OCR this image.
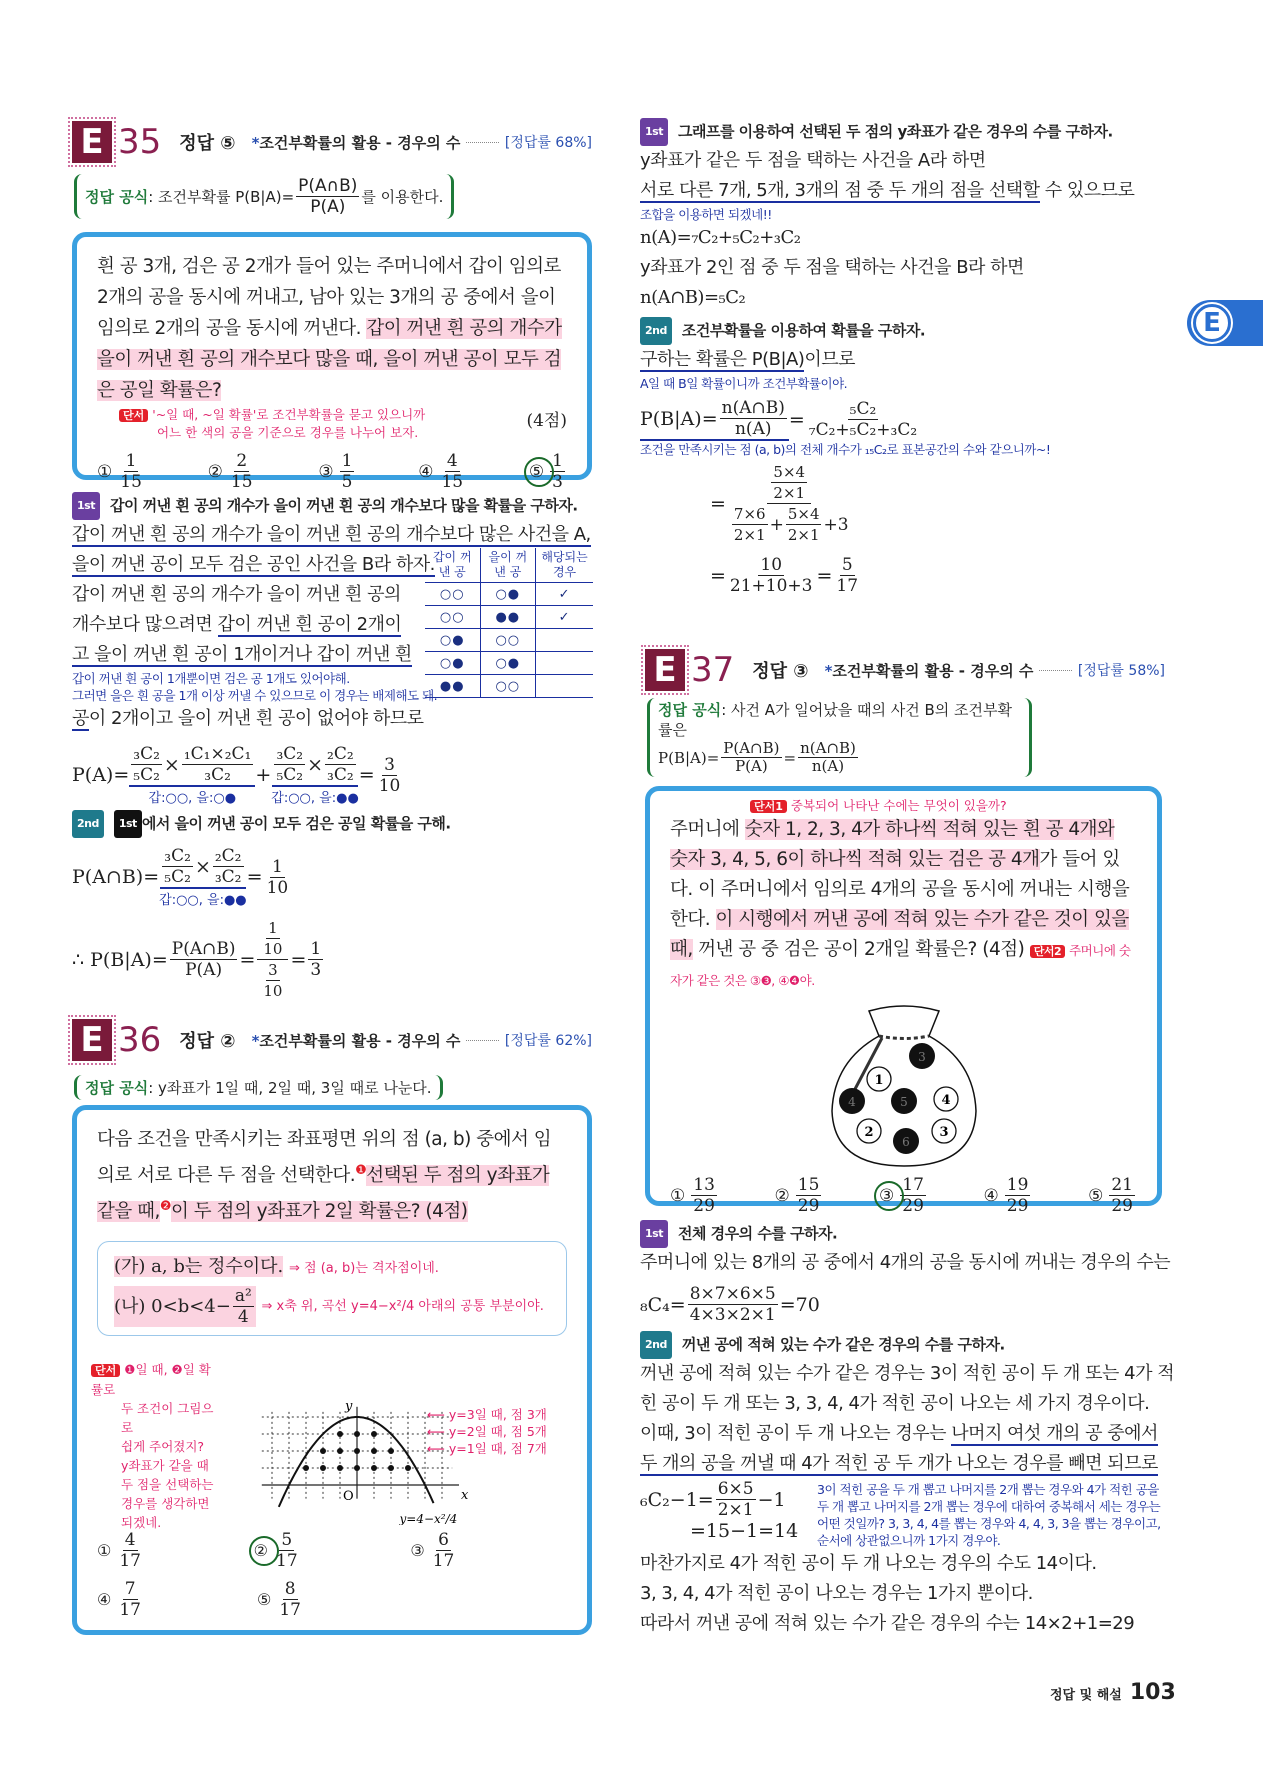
E
E 35 정답 ⑤ *조건부확률의 활용 - 경우의 수	[정답률 68%]
정답 공식 : 조건부확률 $P(B|A)= \frac{P(A\cap B)}{P(A)}$ 를 이용한다.
흰 공 3개, 검은 공 2개가 들어 있는 주머니에서 갑이 임의로 2개의 공을 동시에 꺼내고, 남아 있는 3개의 공 중에서 을이 임의로 2개의 공을 동시에 꺼낸다. 갑이 꺼낸 흰 공의 개수가 을이 꺼낸 흰 공의 개수보다 많을 때, 을이 꺼낸 공이 모두 검은 공일 확률은?
단서 '~일 때, ~일 확률'로 조건부확률을 묻고 있으니까
어느 한 색의 공을 기준으로 경우를 나누어 보자.
(4점)
① $\frac{1}{15}$	② $\frac{2}{15}$	③ $\frac{1}{5}$	④ $\frac{4}{15}$	⑤ $\frac{1}{3}$
1st 갑이 꺼낸 흰 공의 개수가 을이 꺼낸 흰 공의 개수보다 많을 확률을 구하자.
갑이 꺼낸 흰 공의 개수가 을이 꺼낸 흰 공의 개수보다 많은 사건을 A,
을이 꺼낸 공이 모두 검은 공인 사건을 B라 하자.
갑이 꺼낸 흰 공의 개수가 을이 꺼낸 흰 공의
개수보다 많으려면 갑이 꺼낸 흰 공이 2개이
고 을이 꺼낸 흰 공이 1개이거나 갑이 꺼낸 흰
갑이 꺼낸 흰 공이 1개뿐이면 검은 공 1개도 있어야해.
그러면 을은 흰 공을 1개 이상 꺼낼 수 있으므로 이 경우는 배제해도 돼.
공이 2개이고 을이 꺼낸 흰 공이 없어야 하므로
$P(A)= \frac{\text{₃C₂}}{\text{₅C₂}} \times \frac{\text{₁C₁×₂C₁}}{\text{₃C₂}}$
갑:○○, 을:○●
+ $\frac{\text{₃C₂}}{\text{₅C₂}} \times \frac{\text{₂C₂}}{\text{₃C₂}}$
갑:○○, 을:●●
= $\frac{3}{10}$
2nd 1st 에서 을이 꺼낸 공이 모두 검은 공일 확률을 구해.
P(A∩B)= $\frac{\text{₃C₂}}{\text{₅C₂}} \times \frac{\text{₂C₂}}{\text{₃C₂}}$
갑:○○, 을:●●
= $\frac{1}{10}$
∴ $P(B|A)= \frac{P(A\cap B)}{P(A)} = \frac{\frac{1}{10}}{\frac{3}{10}} = \frac{1}{3}$
갑이 꺼낸 공	을이 꺼낸 공	해당되는 경우
○○	○●	✓
○○	●●	✓
○●	○○	
○●	○●	
●●	○○	
E 36 정답 ② *조건부확률의 활용 - 경우의 수	[정답률 62%]
정답 공식 : y좌표가 1일 때, 2일 때, 3일 때로 나눈다.
다음 조건을 만족시키는 좌표평면 위의 점 (a, b) 중에서 임의로 서로 다른 두 점을 선택한다.$^❶$선택된 두 점의 y좌표가 같을 때,$^❷$이 두 점의 y좌표가 2일 확률은? (4점)
(가) a, b는 정수이다. ⇒ 점 (a, b)는 격자점이네.
(나) $0<b<4- \frac{\text{a²}}{4}$
⇒ x축 위, 곡선 y=4−x²/4 아래의 공통 부분이야.
단서 ❶일 때, ❷일 확률로
두 조건이 그림으로
쉽게 주어졌지?
y좌표가 같을 때
두 점을 선택하는
경우를 생각하면
되겠네.
x
y
O
y=4−x²/4
⟵ y=3일 때, 점 3개
⟵ y=2일 때, 점 5개
⟵ y=1일 때, 점 7개
① $\frac{4}{17}$	② $\frac{5}{17}$	③ $\frac{6}{17}$
④ $\frac{7}{17}$	⑤ $\frac{8}{17}$
1st 그래프를 이용하여 선택된 두 점의 y좌표가 같은 경우의 수를 구하자.
y좌표가 같은 두 점을 택하는 사건을 A라 하면
서로 다른 7개, 5개, 3개의 점 중 두 개의 점을 선택할 수 있으므로
조합을 이용하면 되겠네!!
n(A)=₇C₂+₅C₂+₃C₂
y좌표가 2인 점 중 두 점을 택하는 사건을 B라 하면
n(A∩B)=₅C₂
2nd 조건부확률을 이용하여 확률을 구하자.
구하는 확률은 P(B|A)이므로
A일 때 B일 확률이니까 조건부확률이야.
$P(B|A)= \frac{n(A\cap B)}{n(A)} = \frac{\text{₅C₂}}{\text{₇C₂+₅C₂+₃C₂}}$
조건을 만족시키는 점 (a, b)의 전체 개수가 ₁₅C₂로 표본공간의 수와 같으니까~!
= $\frac{\frac{5\times 4}{2\times 1}}{\frac{7\times 6}{2\times 1} + \frac{5\times 4}{2\times 1} +3}$
= $\frac{10}{21+10+3} = \frac{5}{17}$
E 37 정답 ③ *조건부확률의 활용 - 경우의 수	[정답률 58%]
정답 공식: 사건 A가 일어났을 때의 사건 B의 조건부확률은
$P(B|A)= \frac{P(A\cap B)}{P(A)} = \frac{n(A\cap B)}{n(A)}$
단서1 중복되어 나타난 수에는 무엇이 있을까?
주머니에 숫자 1, 2, 3, 4가 하나씩 적혀 있는 흰 공 4개와 숫자 3, 4, 5, 6이 하나씩 적혀 있는 검은 공 4개가 들어 있다. 이 주머니에서 임의로 4개의 공을 동시에 꺼내는 시행을 한다. 이 시행에서 꺼낸 공에 적혀 있는 수가 같은 것이 있을 때, 꺼낸 공 중 검은 공이 2개일 확률은? (4점) 단서2 주머니에 숫자가 같은 것은 ③❸, ④❹야.
1
2	3
4
3
4	5
6
① $\frac{13}{29}$	② $\frac{15}{29}$	③ $\frac{17}{29}$	④ $\frac{19}{29}$	⑤ $\frac{21}{29}$
1st 전체 경우의 수를 구하자.
주머니에 있는 8개의 공 중에서 4개의 공을 동시에 꺼내는 경우의 수는
$_8C_4= \frac{8\times 7\times 6\times 5}{4\times 3\times 2\times 1} =70$
2nd 꺼낸 공에 적혀 있는 수가 같은 경우의 수를 구하자.
꺼낸 공에 적혀 있는 수가 같은 경우는 3이 적힌 공이 두 개 또는 4가 적
힌 공이 두 개 또는 3, 3, 4, 4가 적힌 공이 나오는 세 가지 경우이다.
이때, 3이 적힌 공이 두 개 나오는 경우는 나머지 여섯 개의 공 중에서
두 개의 공을 꺼낼 때 4가 적힌 공 두 개가 나오는 경우를 빼면 되므로
$_6C_2-1= \frac{6\times 5}{2\times 1} -1$
=15−1=14
3이 적힌 공을 두 개 뽑고 나머지를 2개 뽑는 경우와 4가 적힌 공을
두 개 뽑고 나머지를 2개 뽑는 경우에 대하여 중복해서 세는 경우는
어떤 것일까? 3, 3, 4, 4를 뽑는 경우와 4, 4, 3, 3을 뽑는 경우이고,
순서에 상관없으니까 1가지 경우야.
마찬가지로 4가 적힌 공이 두 개 나오는 경우의 수도 14이다.
3, 3, 4, 4가 적힌 공이 나오는 경우는 1가지 뿐이다.
따라서 꺼낸 공에 적혀 있는 수가 같은 경우의 수는 14×2+1=29
정답 및 해설 103
